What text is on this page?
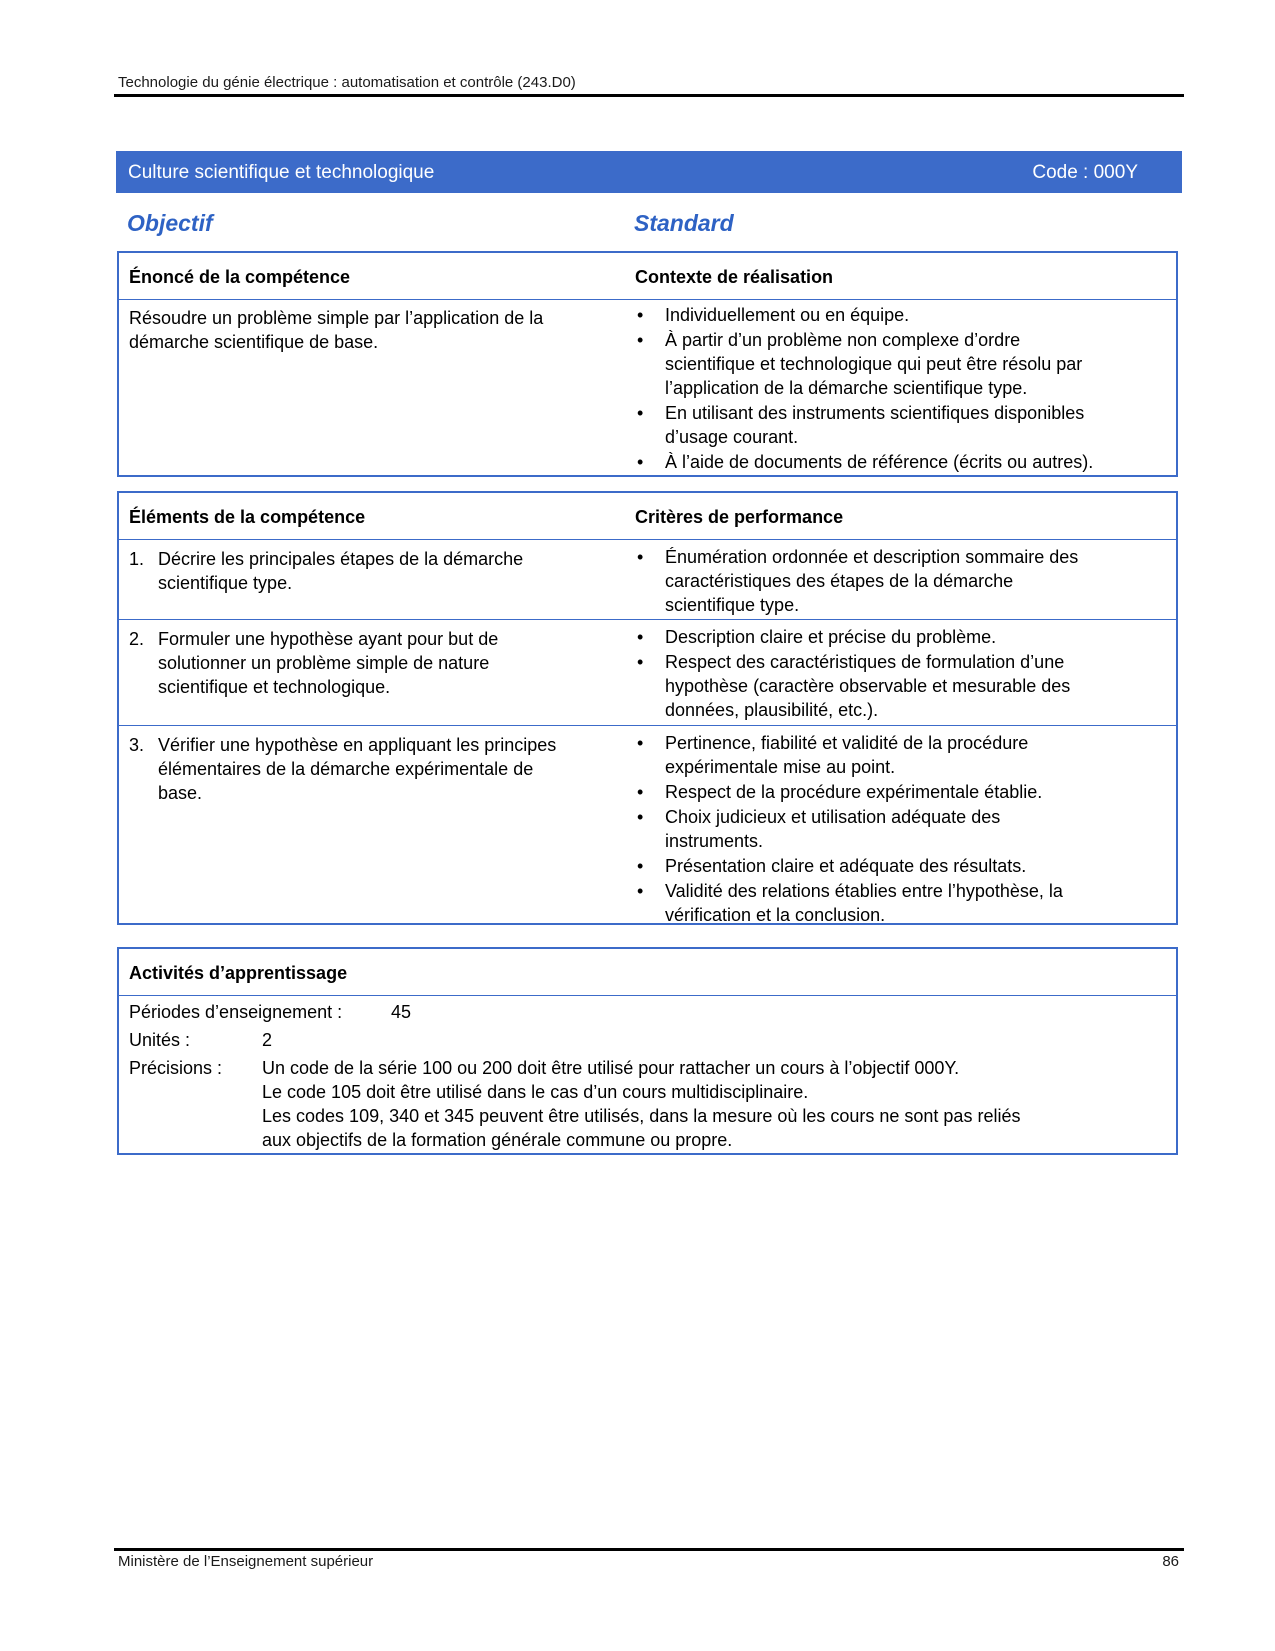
Technologie du génie électrique : automatisation et contrôle (243.D0)
Culture scientifique et technologique	Code : 000Y
Objectif	Standard
Énoncé de la compétence	Contexte de réalisation
Résoudre un problème simple par l’application de la
démarche scientifique de base.
• Individuellement ou en équipe.
• À partir d’un problème non complexe d’ordre
scientifique et technologique qui peut être résolu par
l’application de la démarche scientifique type.
• En utilisant des instruments scientifiques disponibles
d’usage courant.
• À l’aide de documents de référence (écrits ou autres).
Éléments de la compétence	Critères de performance
1. Décrire les principales étapes de la démarche
scientifique type.
• Énumération ordonnée et description sommaire des
caractéristiques des étapes de la démarche
scientifique type.
2. Formuler une hypothèse ayant pour but de
solutionner un problème simple de nature
scientifique et technologique.
• Description claire et précise du problème.
• Respect des caractéristiques de formulation d’une
hypothèse (caractère observable et mesurable des
données, plausibilité, etc.).
3. Vérifier une hypothèse en appliquant les principes
élémentaires de la démarche expérimentale de
base.
• Pertinence, fiabilité et validité de la procédure
expérimentale mise au point.
• Respect de la procédure expérimentale établie.
• Choix judicieux et utilisation adéquate des
instruments.
• Présentation claire et adéquate des résultats.
• Validité des relations établies entre l’hypothèse, la
vérification et la conclusion.
Activités d’apprentissage
Périodes d’enseignement :	45
Unités :	2
Précisions : Un code de la série 100 ou 200 doit être utilisé pour rattacher un cours à l’objectif 000Y.
Le code 105 doit être utilisé dans le cas d’un cours multidisciplinaire.
Les codes 109, 340 et 345 peuvent être utilisés, dans la mesure où les cours ne sont pas reliés
aux objectifs de la formation générale commune ou propre.
Ministère de l’Enseignement supérieur	86
